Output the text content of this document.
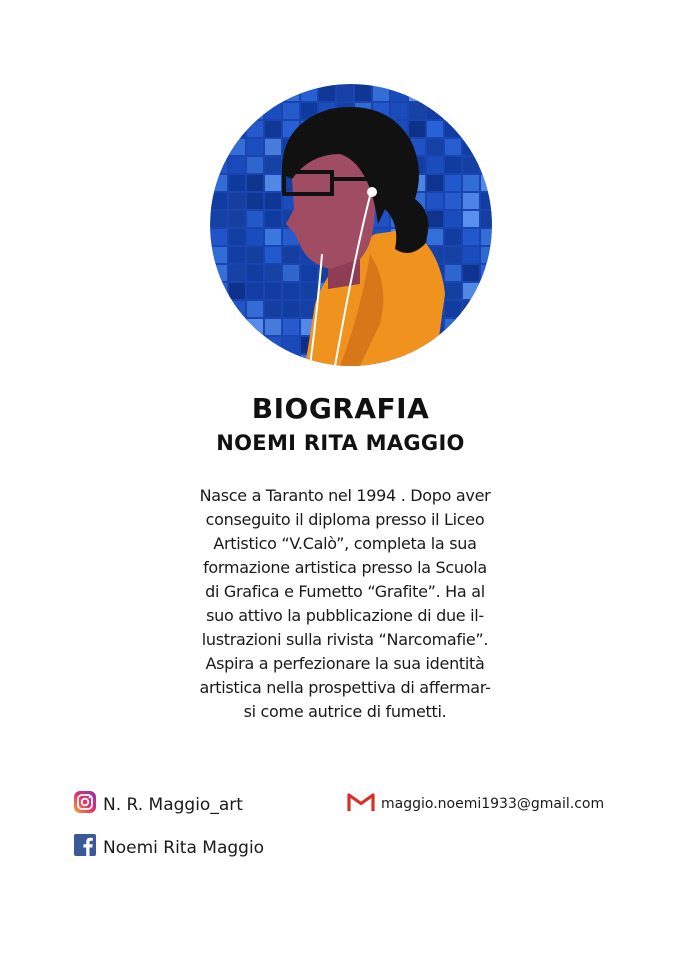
BIOGRAFIA
NOEMI RITA MAGGIO
Nasce a Taranto nel 1994 . Dopo aver
conseguito il diploma presso il Liceo
Artistico “V.Calò”, completa la sua
formazione artistica presso la Scuola
di Grafica e Fumetto “Grafite”. Ha al
suo attivo la pubblicazione di due il-
lustrazioni sulla rivista “Narcomafie”.
Aspira a perfezionare la sua identità
artistica nella prospettiva di affermar-
si come autrice di fumetti.
N. R. Maggio_art
Noemi Rita Maggio
maggio.noemi1933@gmail.com
